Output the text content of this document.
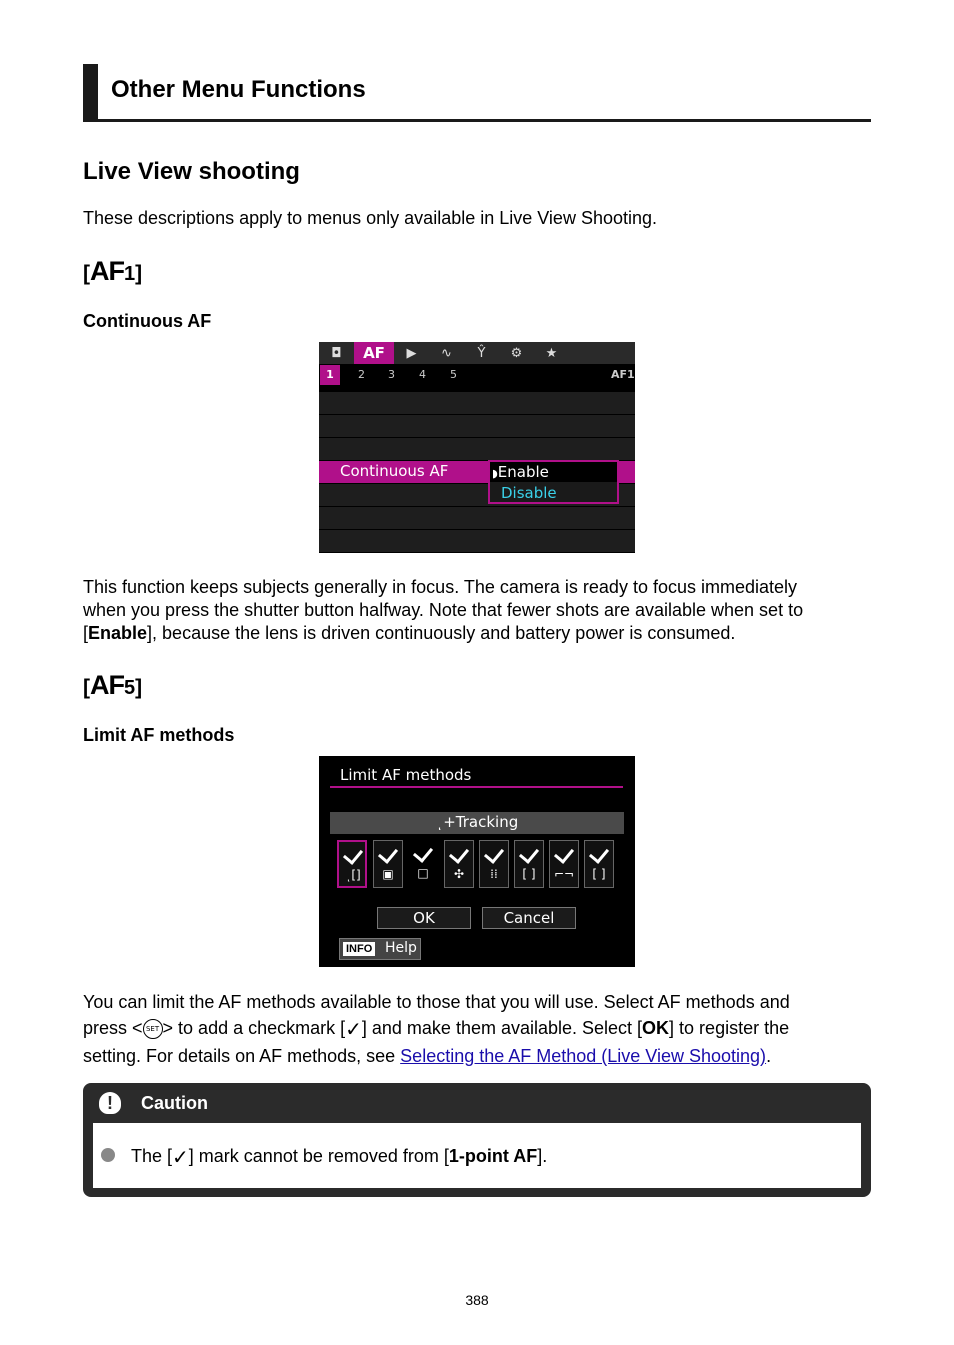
Other Menu Functions
Live View shooting
These descriptions apply to menus only available in Live View Shooting.
[ AF 1 ]
Continuous AF
◘	AF	▶	∿	Ŷ	⚙	★
1	2 3 4 5	AF1
Continuous AF	◗Enable
Disable
This function keeps subjects generally in focus. The camera is ready to focus immediately
when you press the shutter button halfway. Note that fewer shots are available when set to
[Enable], because the lens is driven continuously and battery power is consumed.
[ AF 5 ]
Limit AF methods
Limit AF methods
ͺ+Tracking
ͺ[]	▣	□	✣	⁞⁞	[ ]	⌐¬	[ ]
OK	Cancel
INFO Help
You can limit the AF methods available to those that you will use. Select AF methods and
press < SET > to add a checkmark [✓] and make them available. Select [OK] to register the
setting. For details on AF methods, see Selecting the AF Method (Live View Shooting).
!	Caution
The [✓] mark cannot be removed from [1-point AF].
388
